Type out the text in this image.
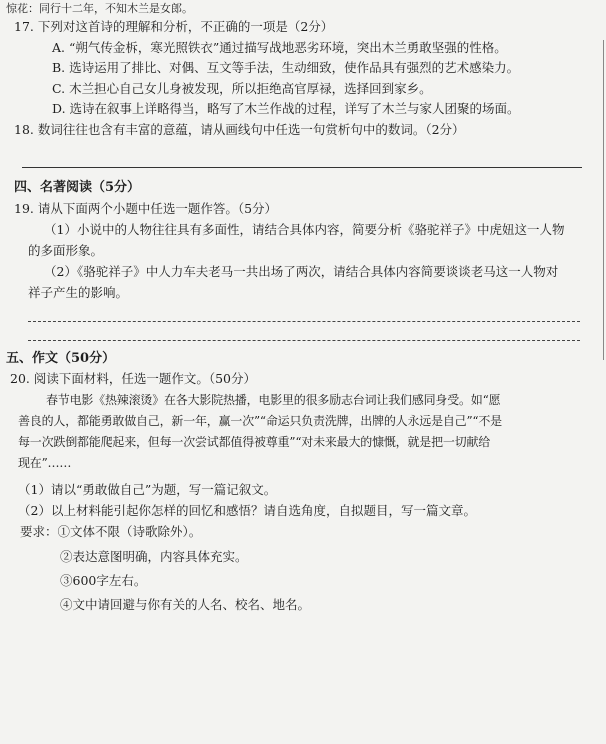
惊花：同行十二年，不知木兰是女郎。
17. 下列对这首诗的理解和分析，不正确的一项是（2分）
A. “朔气传金柝，寒光照铁衣”通过描写战地恶劣环境，突出木兰勇敢坚强的性格。
B. 选诗运用了排比、对偶、互文等手法，生动细致，使作品具有强烈的艺术感染力。
C. 木兰担心自己女儿身被发现，所以拒绝高官厚禄，选择回到家乡。
D. 选诗在叙事上详略得当，略写了木兰作战的过程，详写了木兰与家人团聚的场面。
18. 数词往往也含有丰富的意蕴，请从画线句中任选一句赏析句中的数词。（2分）
四、名著阅读（5分）
19. 请从下面两个小题中任选一题作答。（5分）
（1）小说中的人物往往具有多面性，请结合具体内容，简要分析《骆驼祥子》中虎妞这一人物
的多面形象。
（2）《骆驼祥子》中人力车夫老马一共出场了两次，请结合具体内容简要谈谈老马这一人物对
祥子产生的影响。
五、作文（50分）
20. 阅读下面材料，任选一题作文。（50分）
春节电影《热辣滚烫》在各大影院热播，电影里的很多励志台词让我们感同身受。如“愿
善良的人，都能勇敢做自己，新一年，赢一次”“命运只负责洗牌，出牌的人永远是自己”“不是
每一次跌倒都能爬起来，但每一次尝试都值得被尊重”“对未来最大的慷慨，就是把一切献给
现在”……
（1）请以“勇敢做自己”为题，写一篇记叙文。
（2）以上材料能引起你怎样的回忆和感悟？请自选角度，自拟题目，写一篇文章。
要求：①文体不限（诗歌除外）。
②表达意图明确，内容具体充实。
③600字左右。
④文中请回避与你有关的人名、校名、地名。
